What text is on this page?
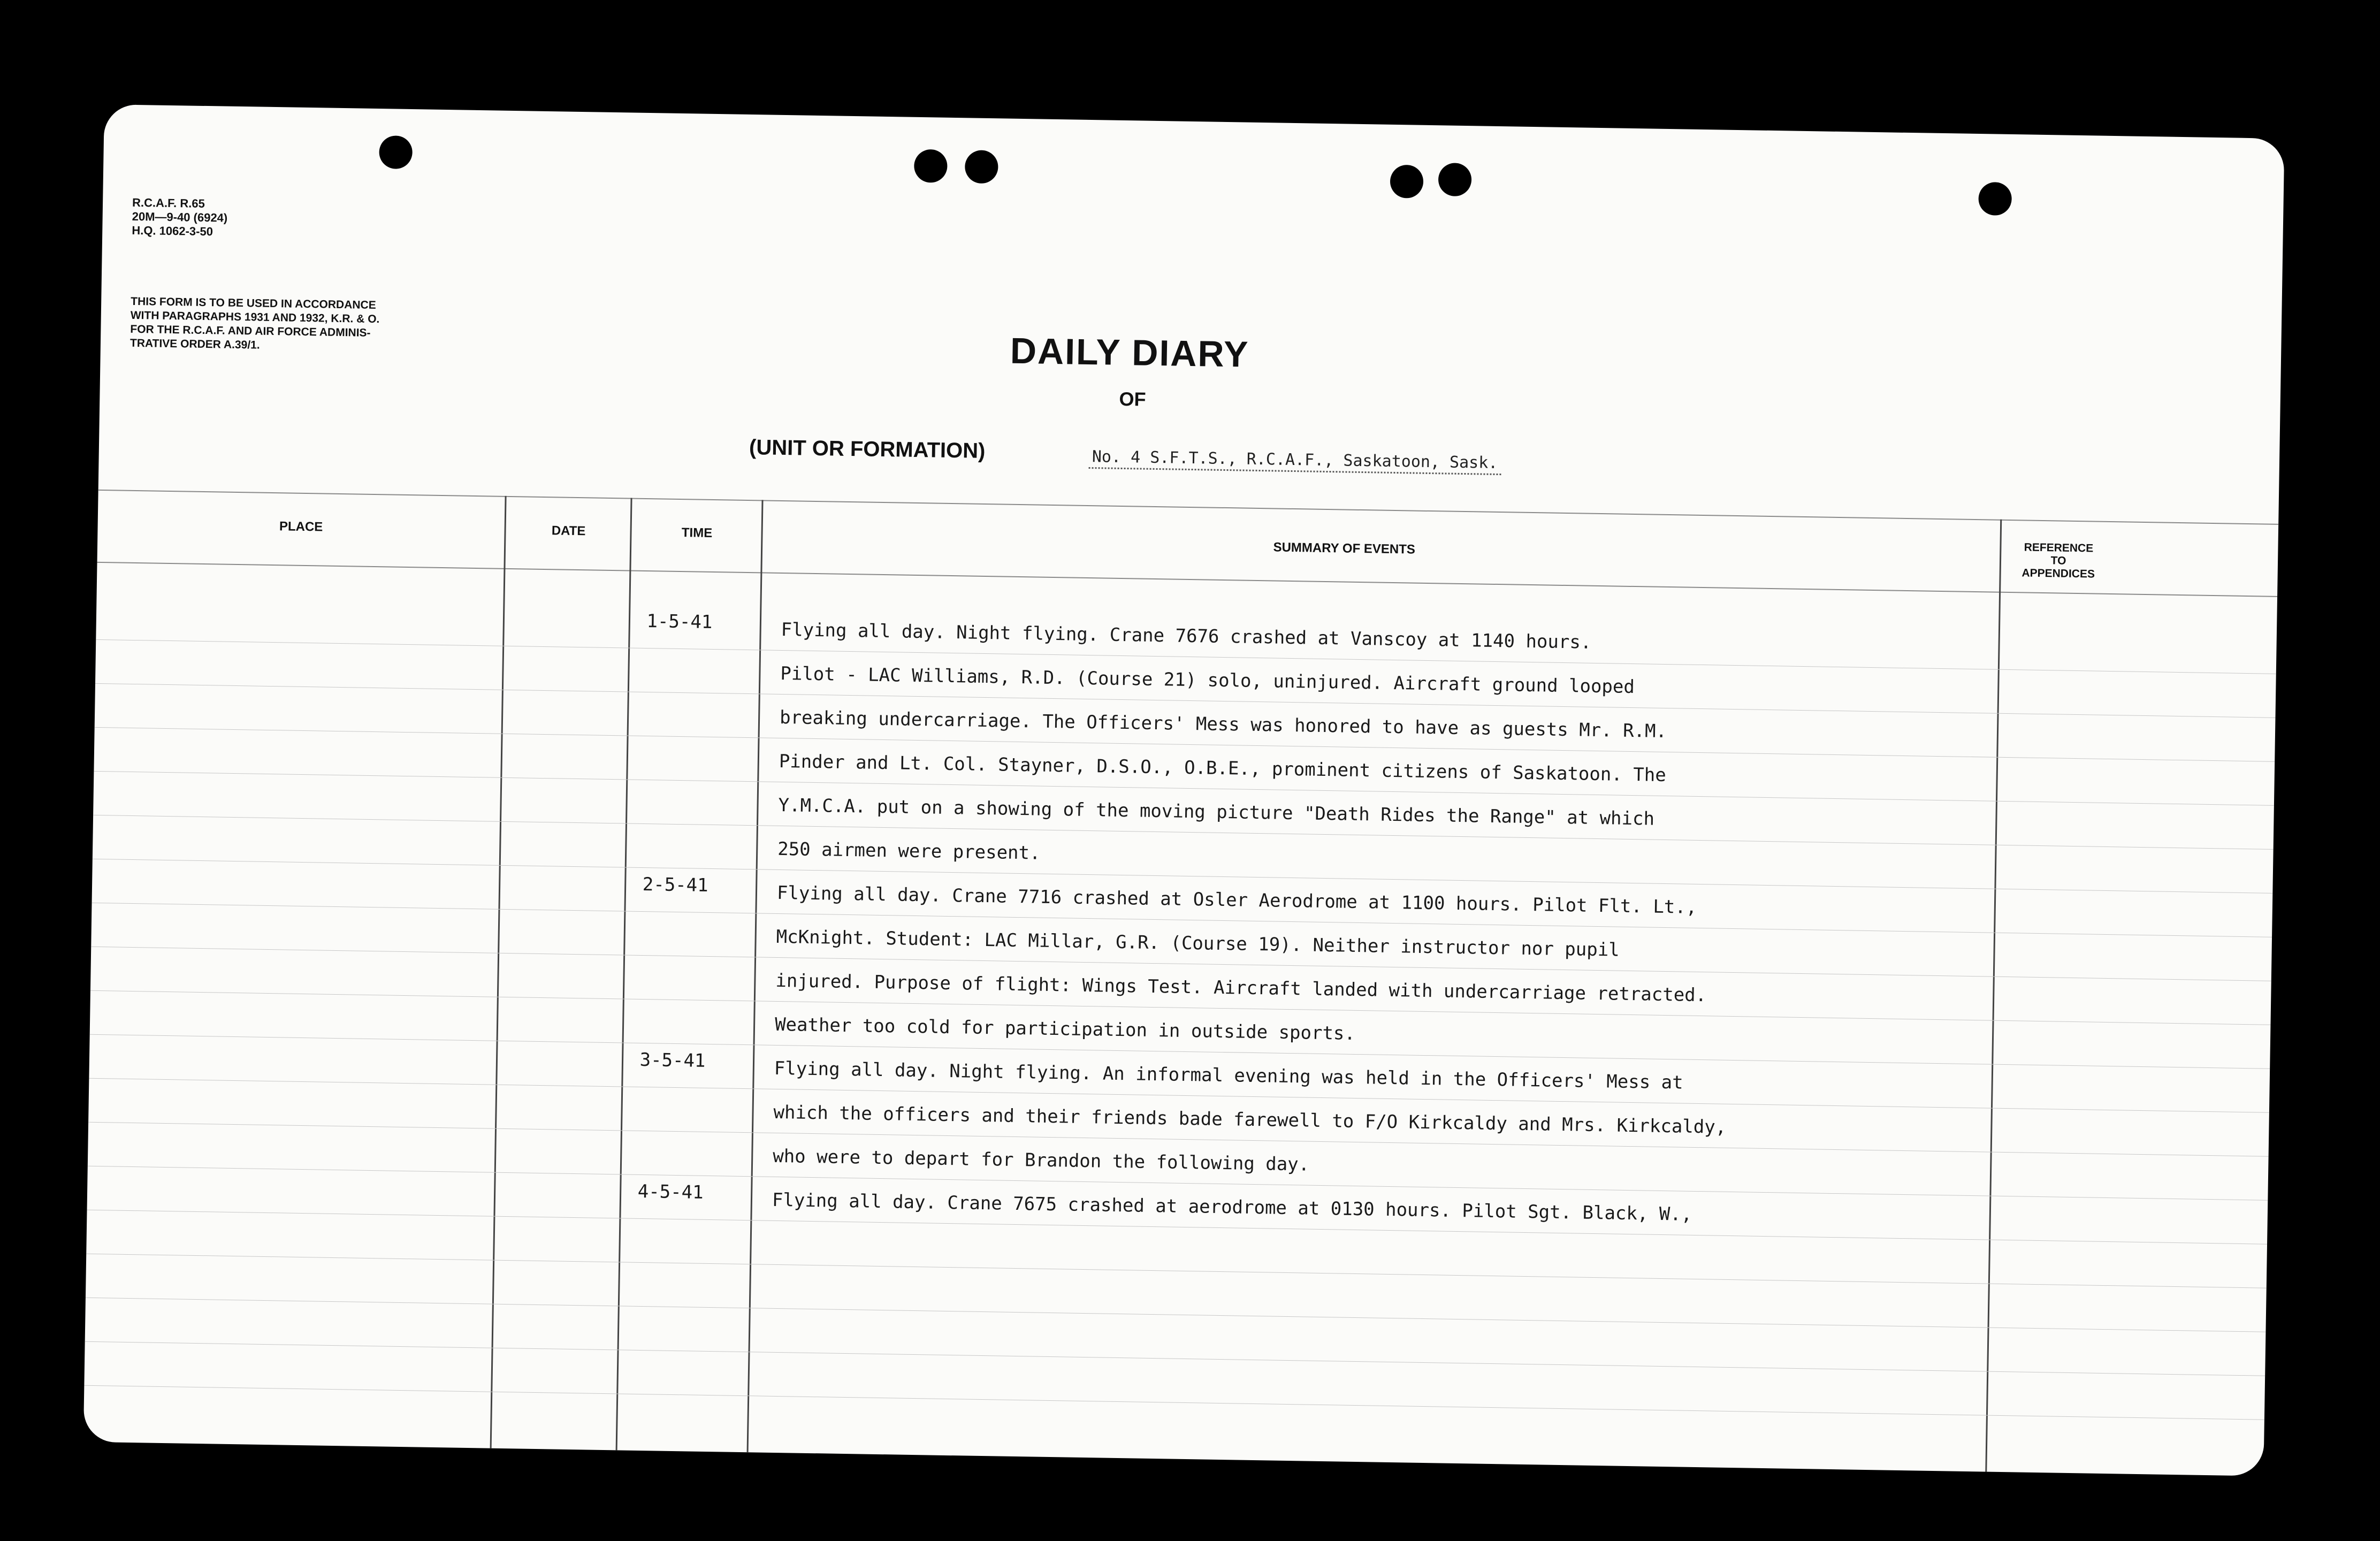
R.C.A.F. R.65
20M—9-40 (6924)
H.Q. 1062-3-50
THIS FORM IS TO BE USED IN ACCORDANCE
WITH PARAGRAPHS 1931 AND 1932, K.R. & O.
FOR THE R.C.A.F. AND AIR FORCE ADMINIS-
TRATIVE ORDER A.39/1.	DAILY DIARY
OF
(UNIT OR FORMATION)	No. 4 S.F.T.S., R.C.A.F., Saskatoon, Sask.
PLACE	DATE	TIME
SUMMARY OF EVENTS	REFERENCE
TO
APPENDICES
1-5-41	Flying all day. Night flying. Crane 7676 crashed at Vanscoy at 1140 hours.
Pilot - LAC Williams, R.D. (Course 21) solo, uninjured. Aircraft ground looped
breaking undercarriage. The Officers' Mess was honored to have as guests Mr. R.M.
Pinder and Lt. Col. Stayner, D.S.O., O.B.E., prominent citizens of Saskatoon. The
Y.M.C.A. put on a showing of the moving picture "Death Rides the Range" at which
250 airmen were present.
2-5-41	Flying all day. Crane 7716 crashed at Osler Aerodrome at 1100 hours. Pilot Flt. Lt.,
McKnight. Student: LAC Millar, G.R. (Course 19). Neither instructor nor pupil
injured. Purpose of flight: Wings Test. Aircraft landed with undercarriage retracted.
Weather too cold for participation in outside sports.
3-5-41	Flying all day. Night flying. An informal evening was held in the Officers' Mess at
which the officers and their friends bade farewell to F/O Kirkcaldy and Mrs. Kirkcaldy,
who were to depart for Brandon the following day.
4-5-41	Flying all day. Crane 7675 crashed at aerodrome at 0130 hours. Pilot Sgt. Black, W.,
